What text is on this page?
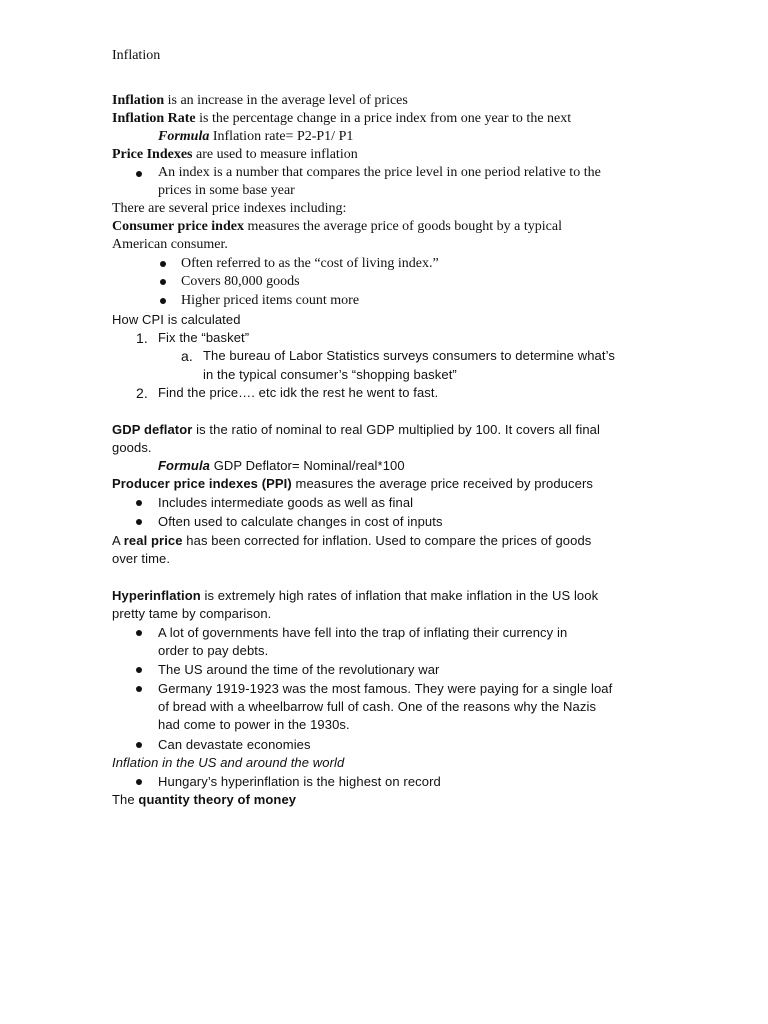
Inflation
Inflation is an increase in the average level of prices
Inflation Rate is the percentage change in a price index from one year to the next
Formula Inflation rate= P2-P1/ P1
Price Indexes are used to measure inflation
An index is a number that compares the price level in one period relative to the
prices in some base year
There are several price indexes including:
Consumer price index measures the average price of goods bought by a typical
American consumer.
Often referred to as the “cost of living index.”
Covers 80,000 goods
Higher priced items count more
How CPI is calculated
1. Fix the “basket”
a. The bureau of Labor Statistics surveys consumers to determine what’s
in the typical consumer’s “shopping basket”
2. Find the price…. etc idk the rest he went to fast.
GDP deflator is the ratio of nominal to real GDP multiplied by 100. It covers all final
goods.
Formula GDP Deflator= Nominal/real*100
Producer price indexes (PPI) measures the average price received by producers
Includes intermediate goods as well as final
Often used to calculate changes in cost of inputs
A real price has been corrected for inflation. Used to compare the prices of goods
over time.
Hyperinflation is extremely high rates of inflation that make inflation in the US look
pretty tame by comparison.
A lot of governments have fell into the trap of inflating their currency in
order to pay debts.
The US around the time of the revolutionary war
Germany 1919-1923 was the most famous. They were paying for a single loaf
of bread with a wheelbarrow full of cash. One of the reasons why the Nazis
had come to power in the 1930s.
Can devastate economies
Inflation in the US and around the world
Hungary’s hyperinflation is the highest on record
The quantity theory of money
